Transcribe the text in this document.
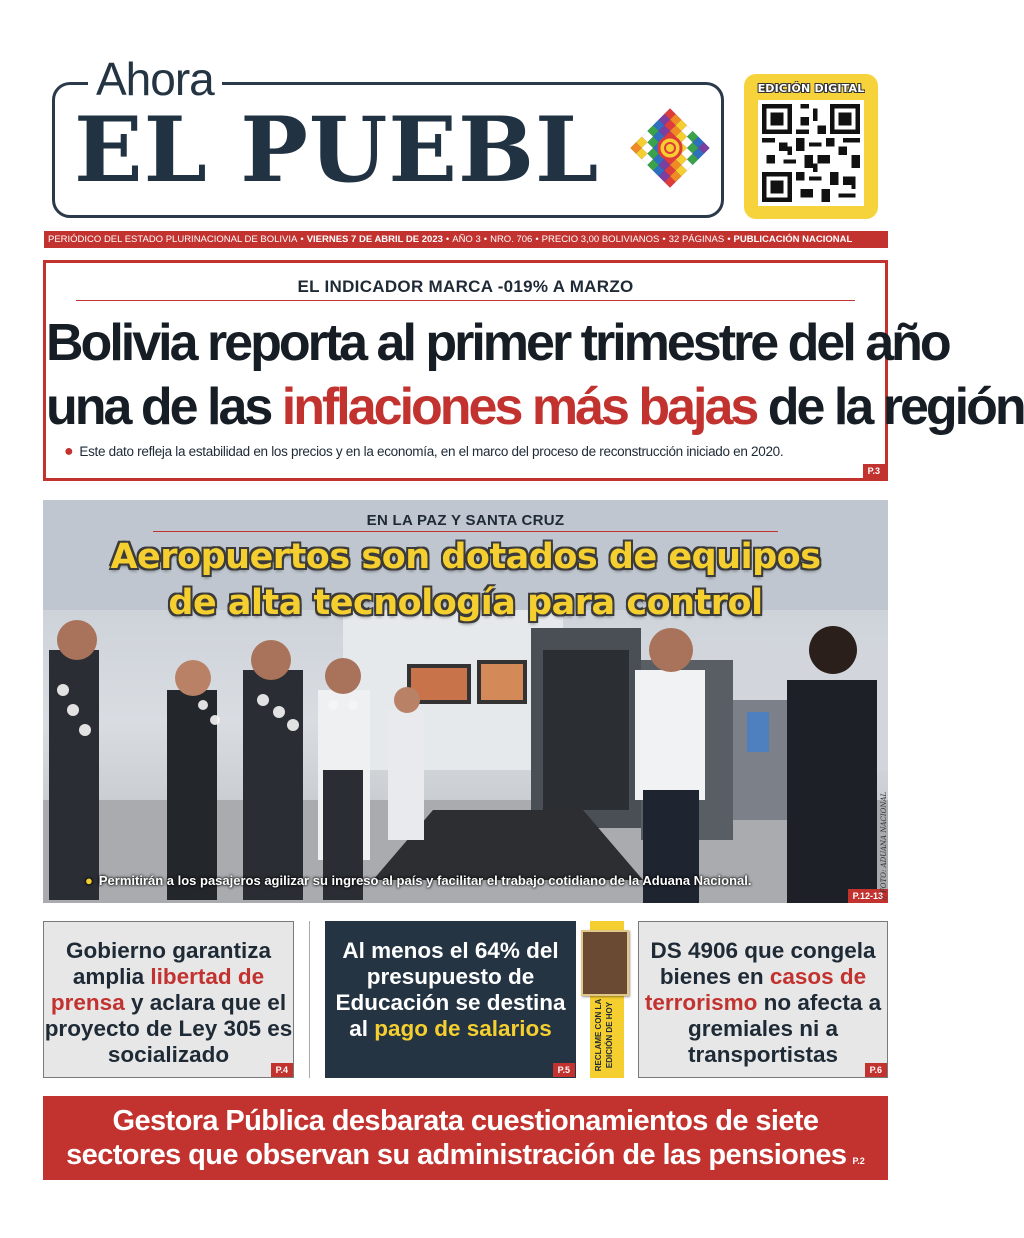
Ahora
EL PUEBL
EDICIÓN DIGITAL
PERIÓDICO DEL ESTADO PLURINACIONAL DE BOLIVIA • VIERNES 7 DE ABRIL DE 2023 • AÑO 3 • NRO. 706 • PRECIO 3,00 BOLIVIANOS • 32 PÁGINAS • PUBLICACIÓN NACIONAL
EL INDICADOR MARCA -019% A MARZO
Bolivia reporta al primer trimestre del año
una de las inflaciones más bajas de la región
● Este dato refleja la estabilidad en los precios y en la economía, en el marco del proceso de reconstrucción iniciado en 2020.
P.3
EN LA PAZ Y SANTA CRUZ
Aeropuertos son dotados de equipos
de alta tecnología para control
● Permitirán a los pasajeros agilizar su ingreso al país y facilitar el trabajo cotidiano de la Aduana Nacional.
P.12-13
// FOTO: ADUANA NACIONAL
Gobierno garantiza amplia libertad de prensa y aclara que el proyecto de Ley 305 es socializado
P.4
Al menos el 64% del presupuesto de Educación se destina al pago de salarios
P.5	RECLAME CON LA EDICIÓN DE HOY
DS 4906 que congela bienes en casos de terrorismo no afecta a gremiales ni a transportistas
P.6
Gestora Pública desbarata cuestionamientos de siete
sectores que observan su administración de las pensiones P.2
